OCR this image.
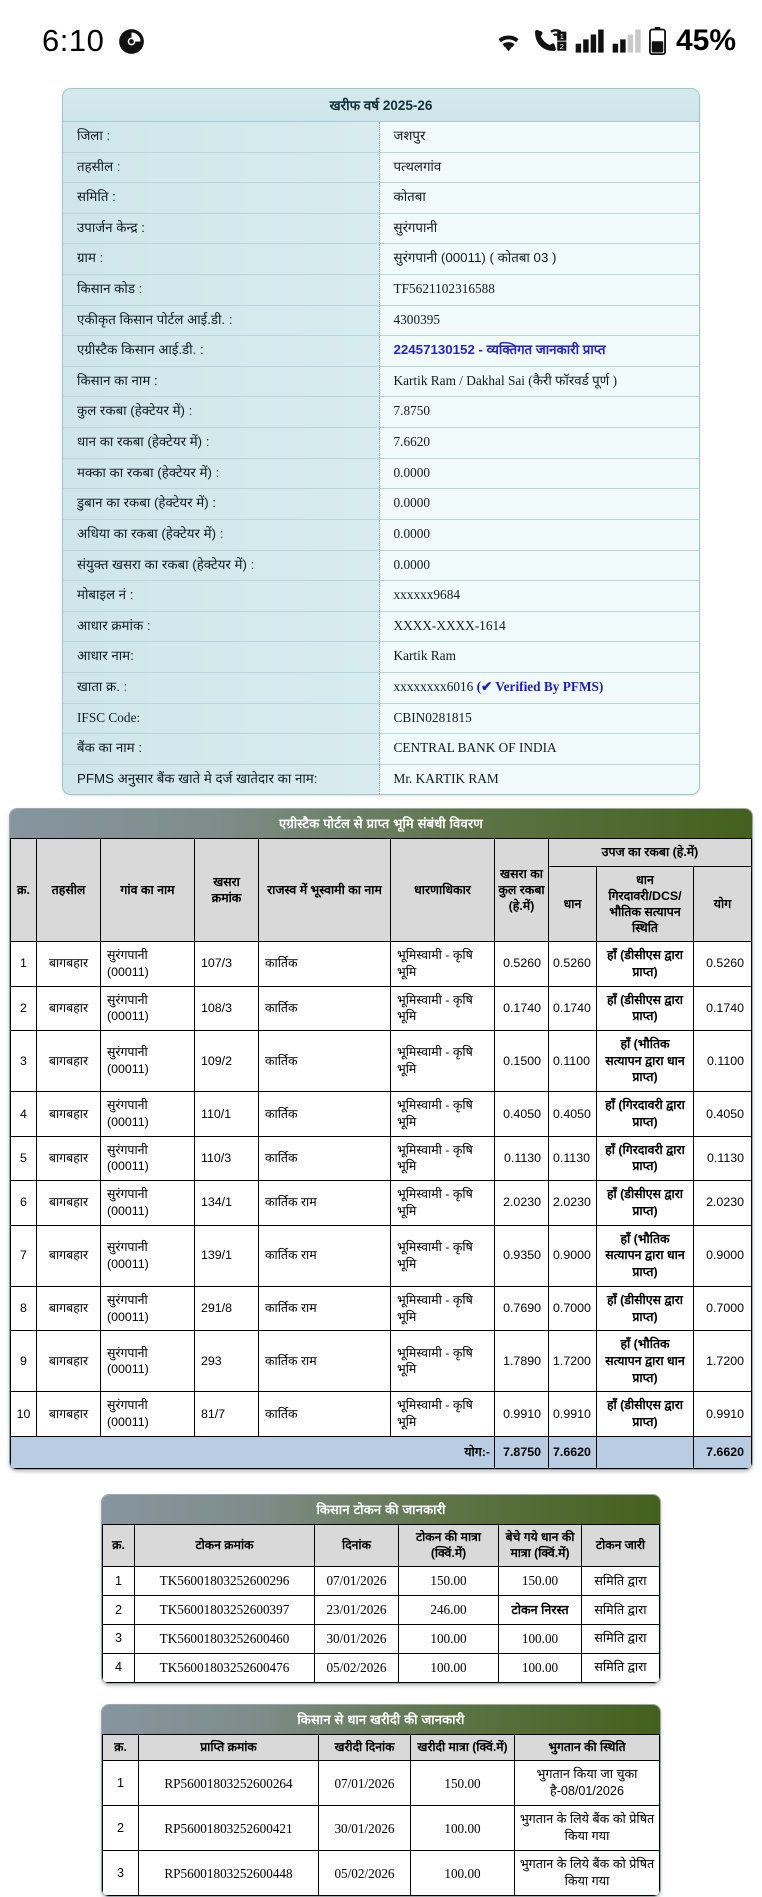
6:10	1
2	45%
खरीफ वर्ष 2025-26
जिला :	जशपुर
तहसील :	पत्थलगांव
समिति :	कोतबा
उपार्जन केन्द्र :	सुरंगपानी
ग्राम :	सुरंगपानी (00011) ( कोतबा 03 )
किसान कोड :	TF5621102316588
एकीकृत किसान पोर्टल आई.डी. :	4300395
एग्रीस्टैक किसान आई.डी. :	22457130152 - व्यक्तिगत जानकारी प्राप्त
किसान का नाम :	Kartik Ram / Dakhal Sai (कैरी फॉरवर्ड पूर्ण )
कुल रकबा (हेक्टेयर में) :	7.8750
धान का रकबा (हेक्टेयर में) :	7.6620
मक्का का रकबा (हेक्टेयर में) :	0.0000
डुबान का रकबा (हेक्टेयर में) :	0.0000
अधिया का रकबा (हेक्टेयर में) :	0.0000
संयुक्त खसरा का रकबा (हेक्टेयर में) :	0.0000
मोबाइल नं :	xxxxxx9684
आधार क्रमांक :	XXXX-XXXX-1614
आधार नाम:	Kartik Ram
खाता क्र. :	xxxxxxxx6016 (✔ Verified By PFMS)
IFSC Code:	CBIN0281815
बैंक का नाम :	CENTRAL BANK OF INDIA
PFMS अनुसार बैंक खाते मे दर्ज खातेदार का नाम:	Mr. KARTIK RAM
एग्रीस्टैक पोर्टल से प्राप्त भूमि संबंधी विवरण
क्र.	तहसील	गांव का नाम	खसरा क्रमांक	राजस्व में भूस्वामी का नाम	धारणाधिकार	खसरा का कुल रकबा (हे.में)	उपज का रकबा (हे.में)		
							धान	धान गिरदावरी/DCS/भौतिक सत्यापन स्थिति	योग
1	बागबहार	सुरंगपानी (00011)	107/3	कार्तिक	भूमिस्वामी - कृषि भूमि	0.5260	0.5260	हाँ (डीसीएस द्वारा प्राप्त)	0.5260
2	बागबहार	सुरंगपानी (00011)	108/3	कार्तिक	भूमिस्वामी - कृषि भूमि	0.1740	0.1740	हाँ (डीसीएस द्वारा प्राप्त)	0.1740
3	बागबहार	सुरंगपानी (00011)	109/2	कार्तिक	भूमिस्वामी - कृषि भूमि	0.1500	0.1100	हाँ (भौतिक सत्यापन द्वारा धान प्राप्त)	0.1100
4	बागबहार	सुरंगपानी (00011)	110/1	कार्तिक	भूमिस्वामी - कृषि भूमि	0.4050	0.4050	हाँ (गिरदावरी द्वारा प्राप्त)	0.4050
5	बागबहार	सुरंगपानी (00011)	110/3	कार्तिक	भूमिस्वामी - कृषि भूमि	0.1130	0.1130	हाँ (गिरदावरी द्वारा प्राप्त)	0.1130
6	बागबहार	सुरंगपानी (00011)	134/1	कार्तिक राम	भूमिस्वामी - कृषि भूमि	2.0230	2.0230	हाँ (डीसीएस द्वारा प्राप्त)	2.0230
7	बागबहार	सुरंगपानी (00011)	139/1	कार्तिक राम	भूमिस्वामी - कृषि भूमि	0.9350	0.9000	हाँ (भौतिक सत्यापन द्वारा धान प्राप्त)	0.9000
8	बागबहार	सुरंगपानी (00011)	291/8	कार्तिक राम	भूमिस्वामी - कृषि भूमि	0.7690	0.7000	हाँ (डीसीएस द्वारा प्राप्त)	0.7000
9	बागबहार	सुरंगपानी (00011)	293	कार्तिक राम	भूमिस्वामी - कृषि भूमि	1.7890	1.7200	हाँ (भौतिक सत्यापन द्वारा धान प्राप्त)	1.7200
10	बागबहार	सुरंगपानी (00011)	81/7	कार्तिक	भूमिस्वामी - कृषि भूमि	0.9910	0.9910	हाँ (डीसीएस द्वारा प्राप्त)	0.9910
योग:-						7.8750	7.6620		7.6620
किसान टोकन की जानकारी
क्र.	टोकन क्रमांक	दिनांक	टोकन की मात्रा (क्विं.में)	बेचे गये धान की मात्रा (क्विं.में)	टोकन जारी
1	TK56001803252600296	07/01/2026	150.00	150.00	समिति द्वारा
2	TK56001803252600397	23/01/2026	246.00	टोकन निरस्त	समिति द्वारा
3	TK56001803252600460	30/01/2026	100.00	100.00	समिति द्वारा
4	TK56001803252600476	05/02/2026	100.00	100.00	समिति द्वारा
किसान से धान खरीदी की जानकारी
क्र.	प्राप्ति क्रमांक	खरीदी दिनांक	खरीदी मात्रा (क्विं.में)	भुगतान की स्थिति
1	RP56001803252600264	07/01/2026	150.00	भुगतान किया जा चुका है-08/01/2026
2	RP56001803252600421	30/01/2026	100.00	भुगतान के लिये बैंक को प्रेषित किया गया
3	RP56001803252600448	05/02/2026	100.00	भुगतान के लिये बैंक को प्रेषित किया गया
